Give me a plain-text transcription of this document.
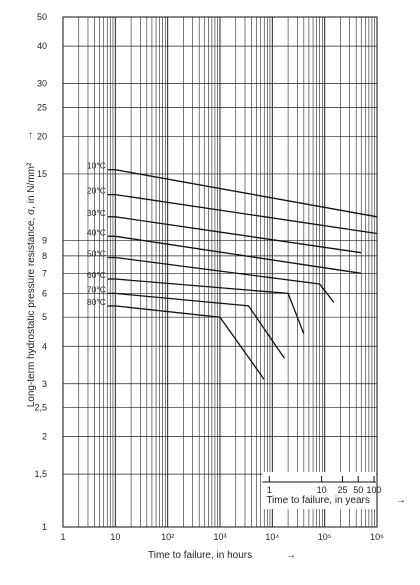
10°C
20°C
30°C
40°C
50°C
60°C
70°C
80°C
1
1,5
2
2,5
3
4
5
6
7
8
9
15
20
25
30
40
50
1	10	10²	10³	10⁴	10⁵	10⁶
1	10 25 50 100
Time to failure, in years	→
Time to failure, in hours	→
Long-term hydrostatic pressure resistance, σ, in N/mm²
↑
